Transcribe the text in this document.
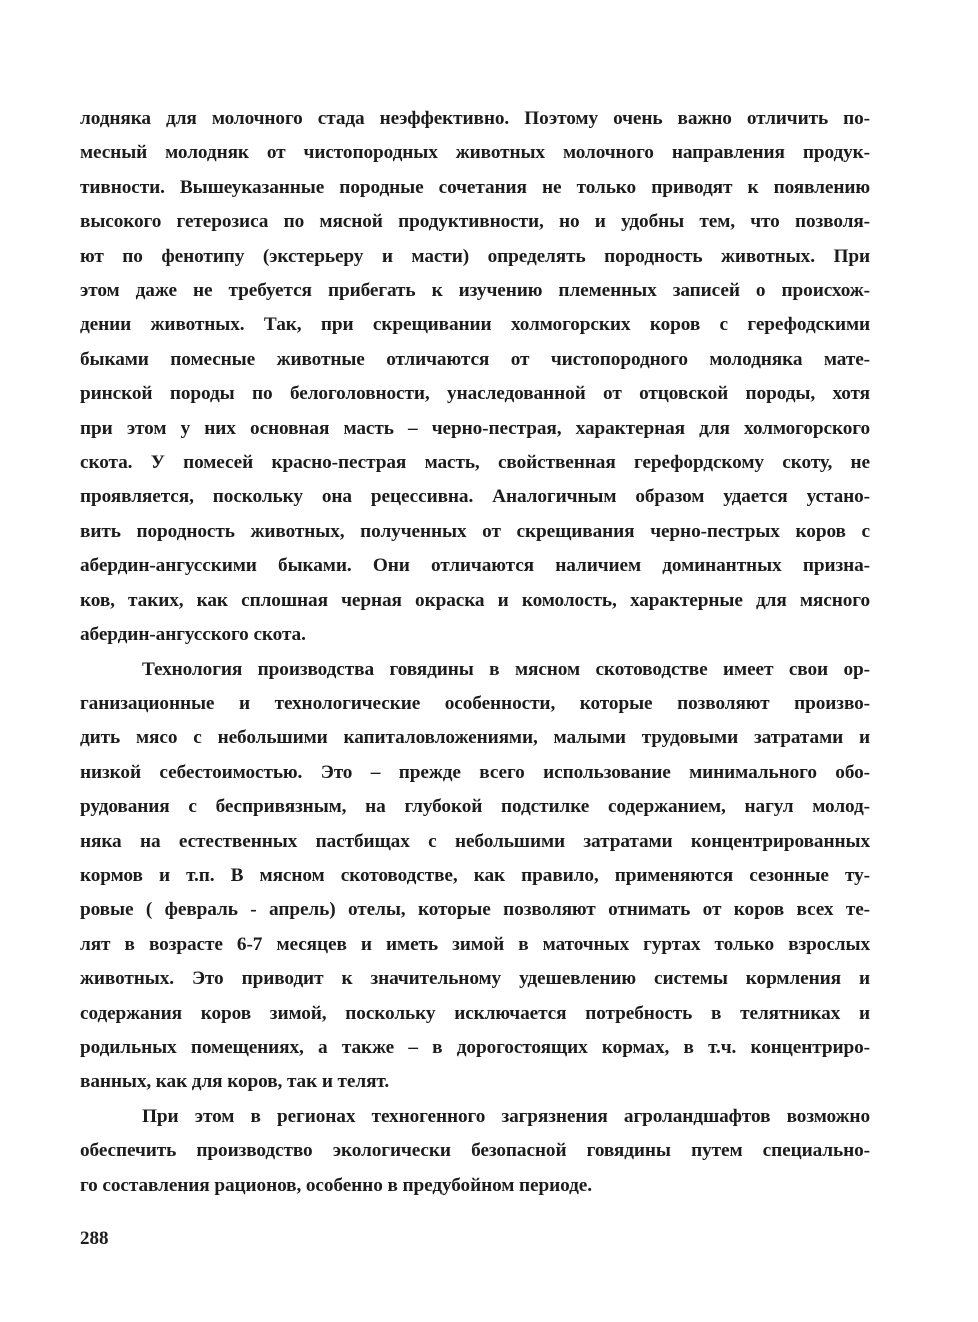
лодняка для молочного стада неэффективно. Поэтому очень важно отличить по-
месный молодняк от чистопородных животных молочного направления продук-
тивности. Вышеуказанные породные сочетания не только приводят к появлению
высокого гетерозиса по мясной продуктивности, но и удобны тем, что позволя-
ют по фенотипу (экстерьеру и масти) определять породность животных. При
этом даже не требуется прибегать к изучению племенных записей о происхож-
дении животных. Так, при скрещивании холмогорских коров с герефодскими
быками помесные животные отличаются от чистопородного молодняка мате-
ринской породы по белоголовности, унаследованной от отцовской породы, хотя
при этом у них основная масть – черно-пестрая, характерная для холмогорского
скота. У помесей красно-пестрая масть, свойственная герефордскому скоту, не
проявляется, поскольку она рецессивна. Аналогичным образом удается устано-
вить породность животных, полученных от скрещивания черно-пестрых коров с
абердин-ангусскими быками. Они отличаются наличием доминантных призна-
ков, таких, как сплошная черная окраска и комолость, характерные для мясного
абердин-ангусского скота.

Технология производства говядины в мясном скотоводстве имеет свои ор-
ганизационные и технологические особенности, которые позволяют произво-
дить мясо с небольшими капиталовложениями, малыми трудовыми затратами и
низкой себестоимостью. Это – прежде всего использование минимального обо-
рудования с беспривязным, на глубокой подстилке содержанием, нагул молод-
няка на естественных пастбищах с небольшими затратами концентрированных
кормов и т.п. В мясном скотоводстве, как правило, применяются сезонные ту-
ровые ( февраль - апрель) отелы, которые позволяют отнимать от коров всех те-
лят в возрасте 6-7 месяцев и иметь зимой в маточных гуртах только взрослых
животных. Это приводит к значительному удешевлению системы кормления и
содержания коров зимой, поскольку исключается потребность в телятниках и
родильных помещениях, а также – в дорогостоящих кормах, в т.ч. концентриро-
ванных, как для коров, так и телят.

При этом в регионах техногенного загрязнения агроландшафтов возможно
обеспечить производство экологически безопасной говядины путем специально-
го составления рационов, особенно в предубойном периоде.

288
